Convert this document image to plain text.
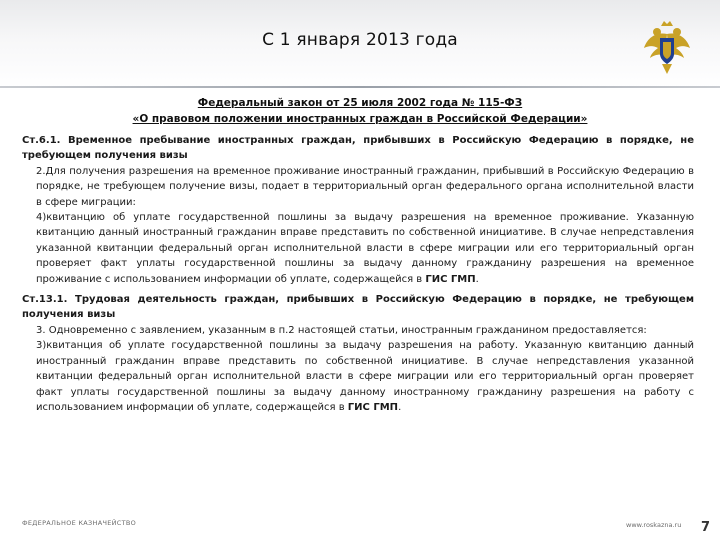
С 1 января 2013 года
Федеральный закон от 25 июля 2002 года № 115-ФЗ
«О правовом положении иностранных граждан в Российской Федерации»
Ст.6.1. Временное пребывание иностранных граждан, прибывших в Российскую Федерацию в порядке, не требующем получения визы
2.Для получения разрешения на временное проживание иностранный гражданин, прибывший в Российскую Федерацию в порядке, не требующем получение визы, подает в территориальный орган федерального органа исполнительной власти в сфере миграции:
4)квитанцию об уплате государственной пошлины за выдачу разрешения на временное проживание. Указанную квитанцию данный иностранный гражданин вправе представить по собственной инициативе. В случае непредставления указанной квитанции федеральный орган исполнительной власти в сфере миграции или его территориальный орган проверяет факт уплаты государственной пошлины за выдачу данному гражданину разрешения на временное проживание с использованием информации об уплате, содержащейся в ГИС ГМП.
Ст.13.1. Трудовая деятельность граждан, прибывших в Российскую Федерацию в порядке, не требующем получения визы
3. Одновременно с заявлением, указанным в п.2 настоящей статьи, иностранным гражданином предоставляется:
3)квитанция об уплате государственной пошлины за выдачу разрешения на работу. Указанную квитанцию данный иностранный гражданин вправе представить по собственной инициативе. В случае непредставления указанной квитанции федеральный орган исполнительной власти в сфере миграции или его территориальный орган проверяет факт уплаты государственной пошлины за выдачу данному иностранному гражданину разрешения на работу с использованием информации об уплате, содержащейся в ГИС ГМП.
ФЕДЕРАЛЬНОЕ КАЗНАЧЕЙСТВО	www.roskazna.ru 7
